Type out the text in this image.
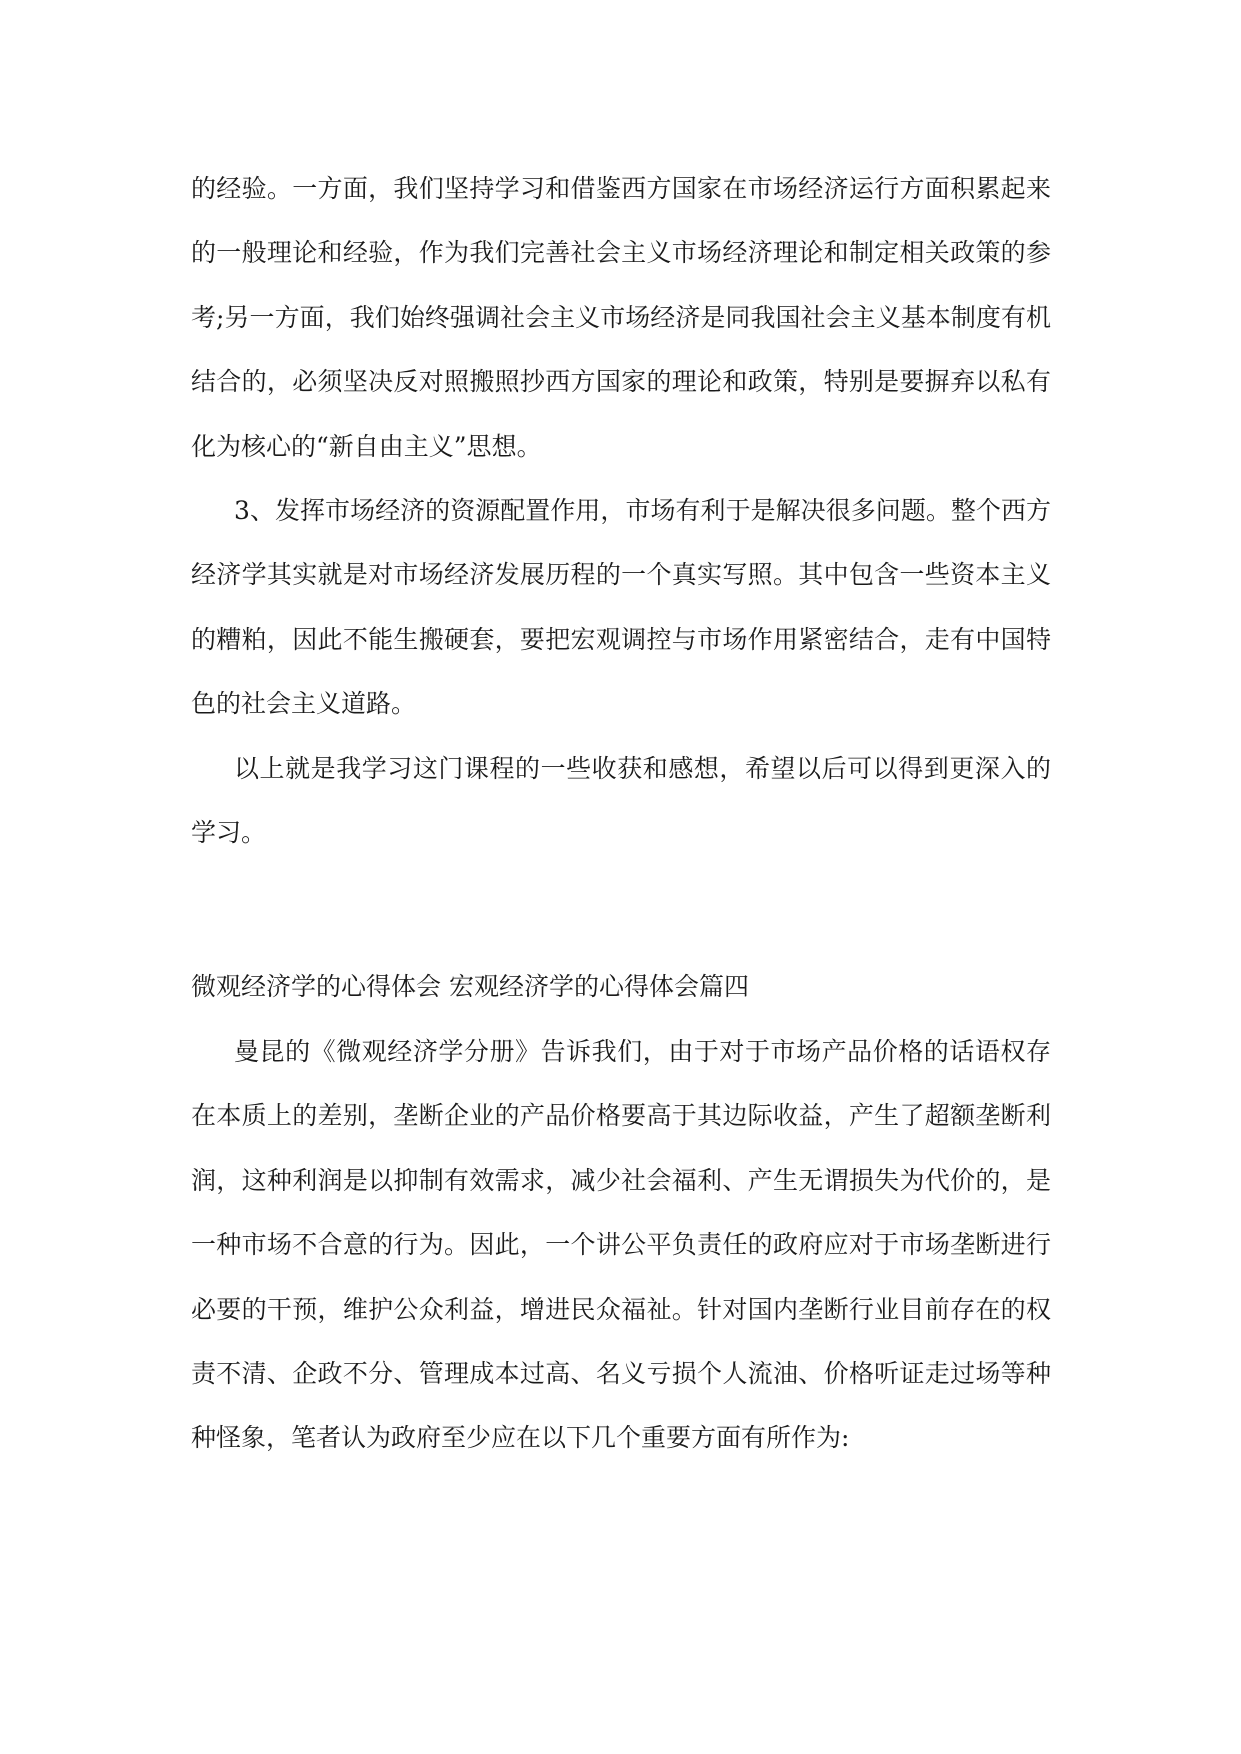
的经验。一方面，我们坚持学习和借鉴西方国家在市场经济运行方面积累起来的一般理论和经验，作为我们完善社会主义市场经济理论和制定相关政策的参考;另一方面，我们始终强调社会主义市场经济是同我国社会主义基本制度有机结合的，必须坚决反对照搬照抄西方国家的理论和政策，特别是要摒弃以私有化为核心的“新自由主义”思想。

3、发挥市场经济的资源配置作用，市场有利于是解决很多问题。整个西方经济学其实就是对市场经济发展历程的一个真实写照。其中包含一些资本主义的糟粕，因此不能生搬硬套，要把宏观调控与市场作用紧密结合，走有中国特色的社会主义道路。

以上就是我学习这门课程的一些收获和感想，希望以后可以得到更深入的学习。

微观经济学的心得体会 宏观经济学的心得体会篇四

曼昆的《微观经济学分册》告诉我们，由于对于市场产品价格的话语权存在本质上的差别，垄断企业的产品价格要高于其边际收益，产生了超额垄断利润，这种利润是以抑制有效需求，减少社会福利、产生无谓损失为代价的，是一种市场不合意的行为。因此，一个讲公平负责任的政府应对于市场垄断进行必要的干预，维护公众利益，增进民众福祉。针对国内垄断行业目前存在的权责不清、企政不分、管理成本过高、名义亏损个人流油、价格听证走过场等种种怪象，笔者认为政府至少应在以下几个重要方面有所作为:
